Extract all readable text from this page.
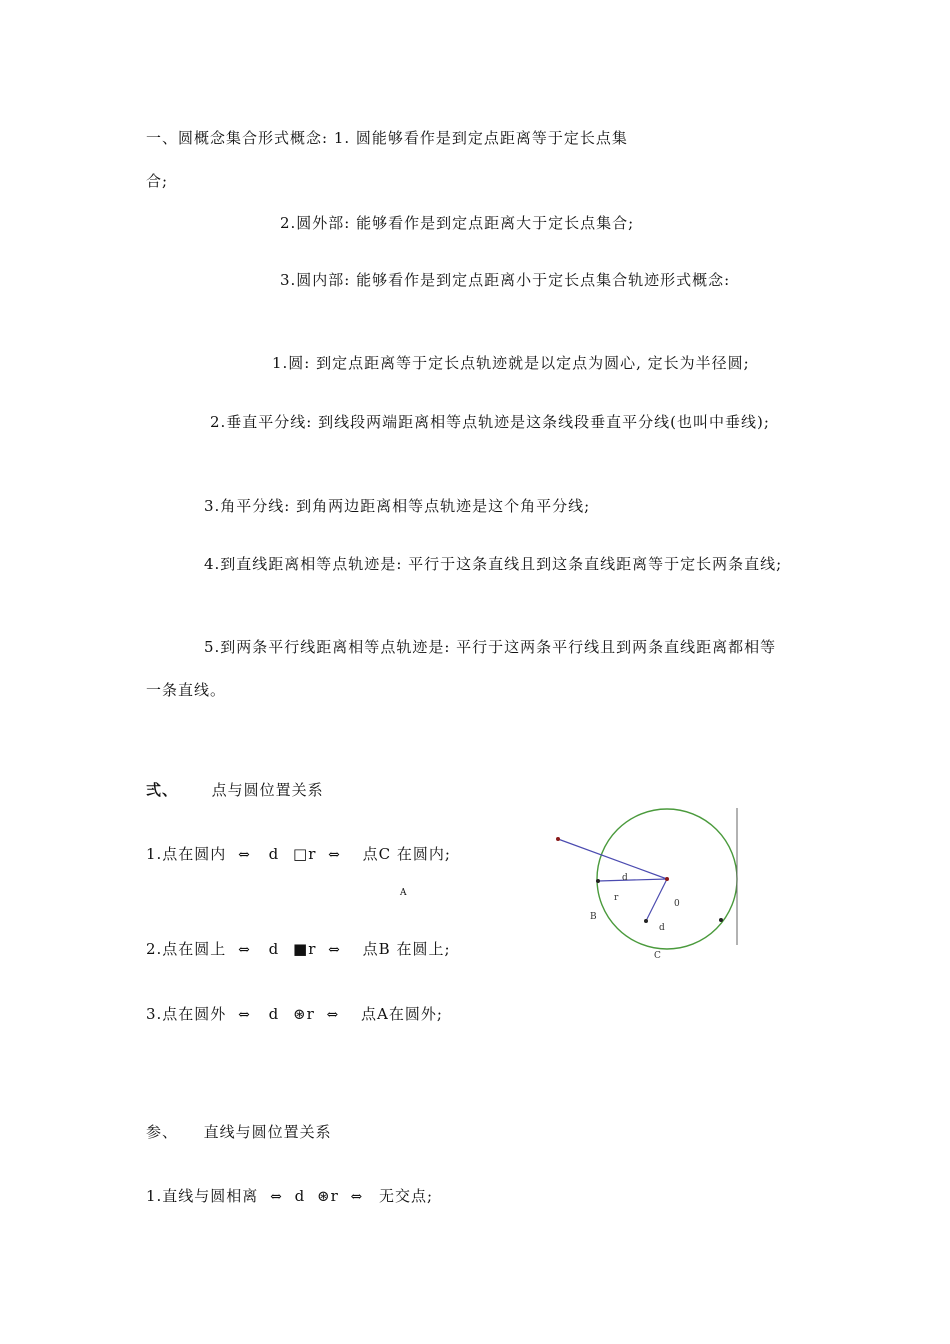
一、圆概念集合形式概念: 1. 圆能够看作是到定点距离等于定长点集
合;
2.圆外部: 能够看作是到定点距离大于定长点集合;
3.圆内部: 能够看作是到定点距离小于定长点集合轨迹形式概念:
1.圆: 到定点距离等于定长点轨迹就是以定点为圆心, 定长为半径圆;
2.垂直平分线: 到线段两端距离相等点轨迹是这条线段垂直平分线(也叫中垂线);
3.角平分线: 到角两边距离相等点轨迹是这个角平分线;
4.到直线距离相等点轨迹是: 平行于这条直线且到这条直线距离等于定长两条直线;
5.到两条平行线距离相等点轨迹是: 平行于这两条平行线且到两条直线距离都相等
一条直线。
弍、 点与圆位置关系
1.点在圆内 ⇔ d □r ⇔ 点C 在圆内;
A
2.点在圆上 ⇔ d ■r ⇔ 点B 在圆上;
3.点在圆外 ⇔ d ⊛r ⇔ 点A在圆外;
d
r
0
B
d
C
参、 直线与圆位置关系
1.直线与圆相离 ⇔ d ⊛r ⇔ 无交点;
